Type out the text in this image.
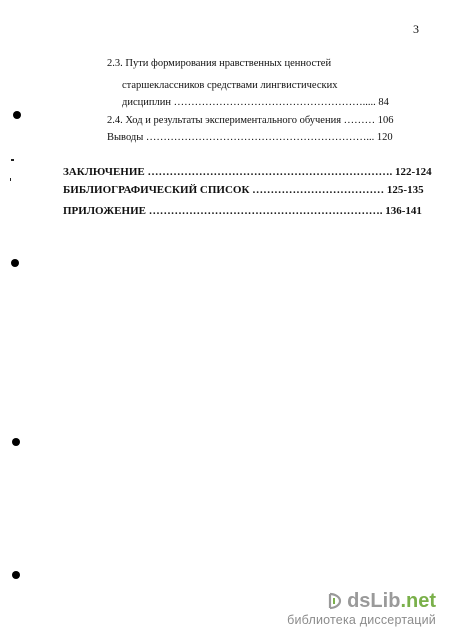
3
2.3. Пути формирования нравственных ценностей
старшеклассников средствами лингвистических
дисциплин ………………………………………………..... 84
2.4. Ход и результаты экспериментального обучения ……… 106
Выводы ………………………………………………………... 120
ЗАКЛЮЧЕНИЕ …………………………………………………………. 122-124
БИБЛИОГРАФИЧЕСКИЙ СПИСОК ……………………………… 125-135
ПРИЛОЖЕНИЕ ………………………………………………………. 136-141
dsLib .net
библиотека диссертаций
